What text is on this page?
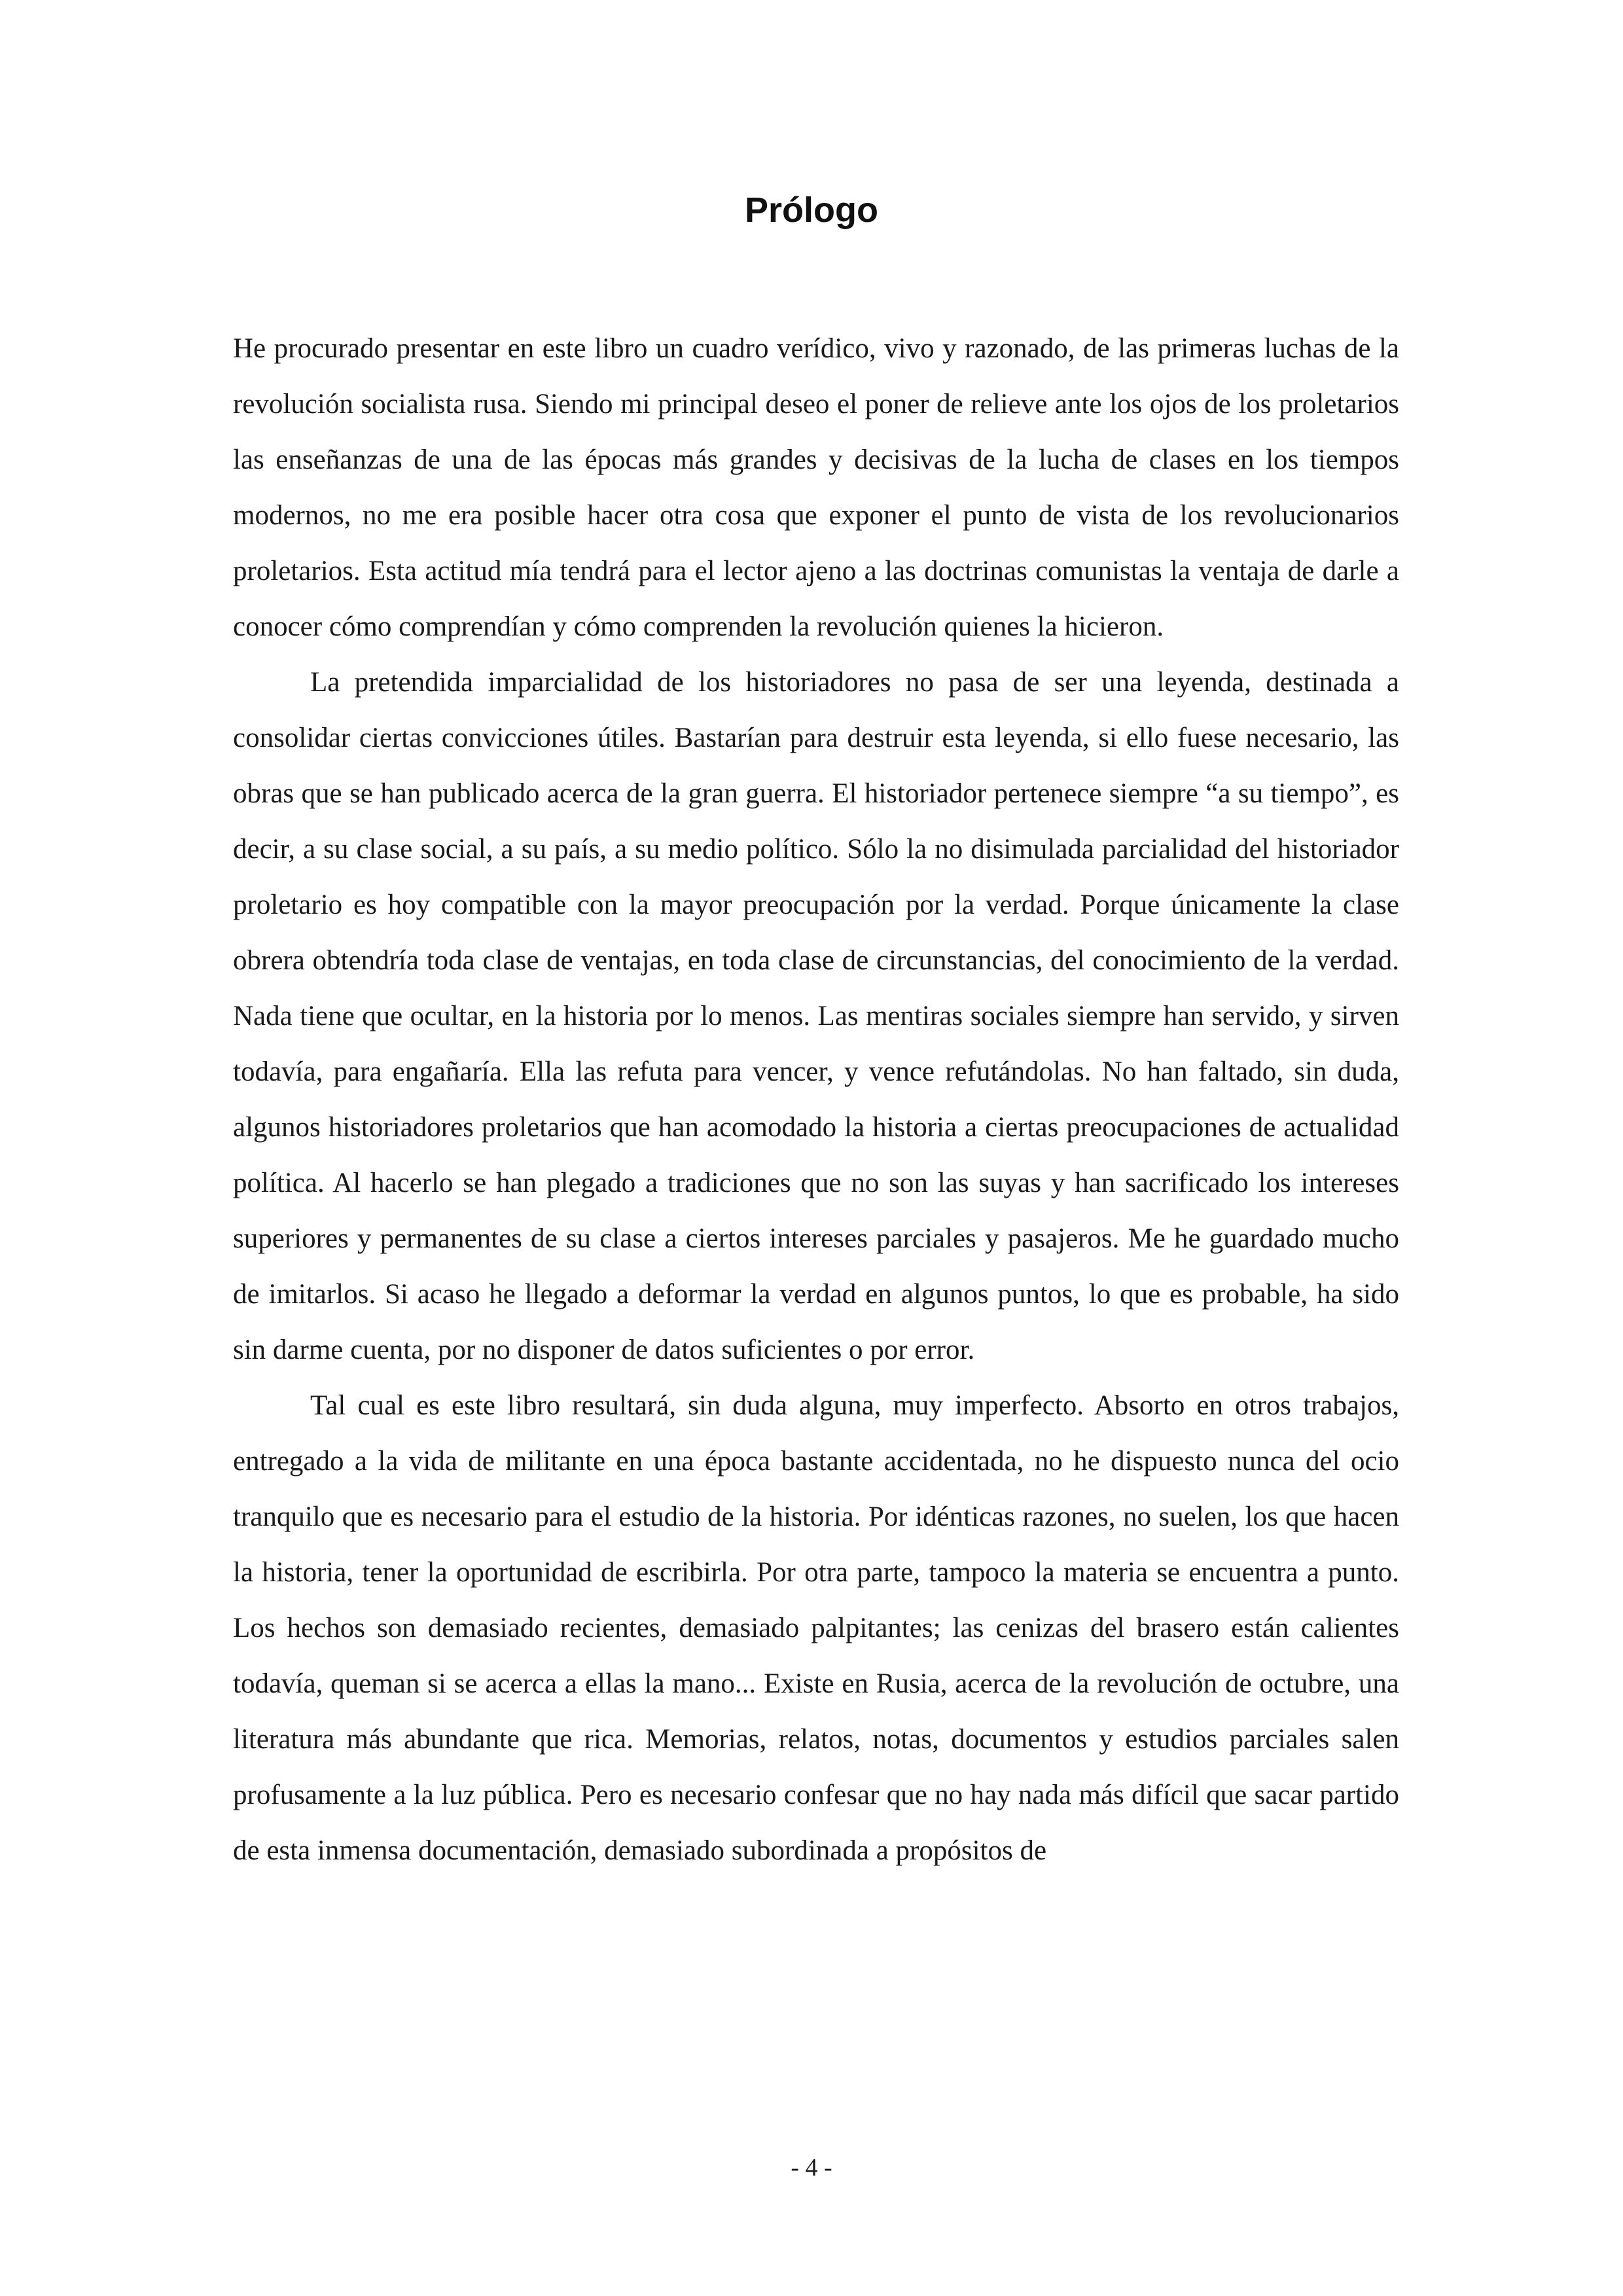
Prólogo

He procurado presentar en este libro un cuadro verídico, vivo y razonado, de las primeras luchas de la revolución socialista rusa. Siendo mi principal deseo el poner de relieve ante los ojos de los proletarios las enseñanzas de una de las épocas más grandes y decisivas de la lucha de clases en los tiempos modernos, no me era posible hacer otra cosa que exponer el punto de vista de los revolucionarios proletarios. Esta actitud mía tendrá para el lector ajeno a las doctrinas comunistas la ventaja de darle a conocer cómo comprendían y cómo comprenden la revolución quienes la hicieron.

La pretendida imparcialidad de los historiadores no pasa de ser una leyenda, destinada a consolidar ciertas convicciones útiles. Bastarían para destruir esta leyenda, si ello fuese necesario, las obras que se han publicado acerca de la gran guerra. El historiador pertenece siempre “a su tiempo”, es decir, a su clase social, a su país, a su medio político. Sólo la no disimulada parcialidad del historiador proletario es hoy compatible con la mayor preocupación por la verdad. Porque únicamente la clase obrera obtendría toda clase de ventajas, en toda clase de circunstancias, del conocimiento de la verdad. Nada tiene que ocultar, en la historia por lo menos. Las mentiras sociales siempre han servido, y sirven todavía, para engañaría. Ella las refuta para vencer, y vence refutándolas. No han faltado, sin duda, algunos historiadores proletarios que han acomodado la historia a ciertas preocupaciones de actualidad política. Al hacerlo se han plegado a tradiciones que no son las suyas y han sacrificado los intereses superiores y permanentes de su clase a ciertos intereses parciales y pasajeros. Me he guardado mucho de imitarlos. Si acaso he llegado a deformar la verdad en algunos puntos, lo que es probable, ha sido sin darme cuenta, por no disponer de datos suficientes o por error.

Tal cual es este libro resultará, sin duda alguna, muy imperfecto. Absorto en otros trabajos, entregado a la vida de militante en una época bastante accidentada, no he dispuesto nunca del ocio tranquilo que es necesario para el estudio de la historia. Por idénticas razones, no suelen, los que hacen la historia, tener la oportunidad de escribirla. Por otra parte, tampoco la materia se encuentra a punto. Los hechos son demasiado recientes, demasiado palpitantes; las cenizas del brasero están calientes todavía, queman si se acerca a ellas la mano... Existe en Rusia, acerca de la revolución de octubre, una literatura más abundante que rica. Memorias, relatos, notas, documentos y estudios parciales salen profusamente a la luz pública. Pero es necesario confesar que no hay nada más difícil que sacar partido de esta inmensa documentación, demasiado subordinada a propósitos de

- 4 -
